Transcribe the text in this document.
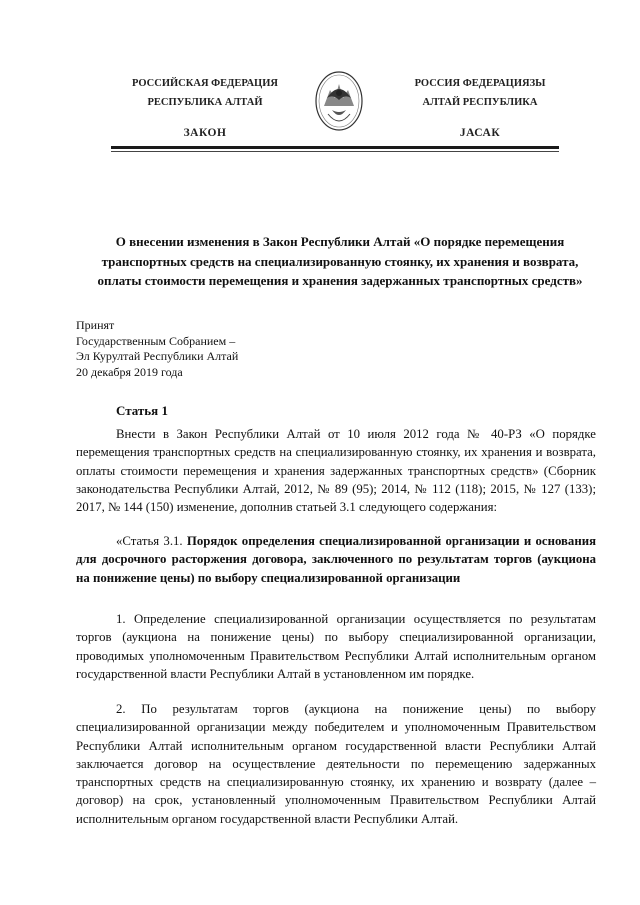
РОССИЙСКАЯ ФЕДЕРАЦИЯ
РЕСПУБЛИКА АЛТАЙ
ЗАКОН
РОССИЯ ФЕДЕРАЦИЯЗЫ
АЛТАЙ РЕСПУБЛИКА
JАСАК
О внесении изменения в Закон Республики Алтай «О порядке перемещения транспортных средств на специализированную стоянку, их хранения и возврата, оплаты стоимости перемещения и хранения задержанных транспортных средств»
Принят
Государственным Собранием –
Эл Курултай Республики Алтай
20 декабря 2019 года
Статья 1

Внести в Закон Республики Алтай от 10 июля 2012 года № 40-РЗ «О порядке перемещения транспортных средств на специализированную стоянку, их хранения и возврата, оплаты стоимости перемещения и хранения задержанных транспортных средств» (Сборник законодательства Республики Алтай, 2012, № 89 (95); 2014, № 112 (118); 2015, № 127 (133); 2017, № 144 (150) изменение, дополнив статьей 3.1 следующего содержания:

«Статья 3.1. Порядок определения специализированной организации и основания для досрочного расторжения договора, заключенного по результатам торгов (аукциона на понижение цены) по выбору специализированной организации

1. Определение специализированной организации осуществляется по результатам торгов (аукциона на понижение цены) по выбору специализированной организации, проводимых уполномоченным Правительством Республики Алтай исполнительным органом государственной власти Республики Алтай в установленном им порядке.

2. По результатам торгов (аукциона на понижение цены) по выбору специализированной организации между победителем и уполномоченным Правительством Республики Алтай исполнительным органом государственной власти Республики Алтай заключается договор на осуществление деятельности по перемещению задержанных транспортных средств на специализированную стоянку, их хранению и возврату (далее – договор) на срок, установленный уполномоченным Правительством Республики Алтай исполнительным органом государственной власти Республики Алтай.
